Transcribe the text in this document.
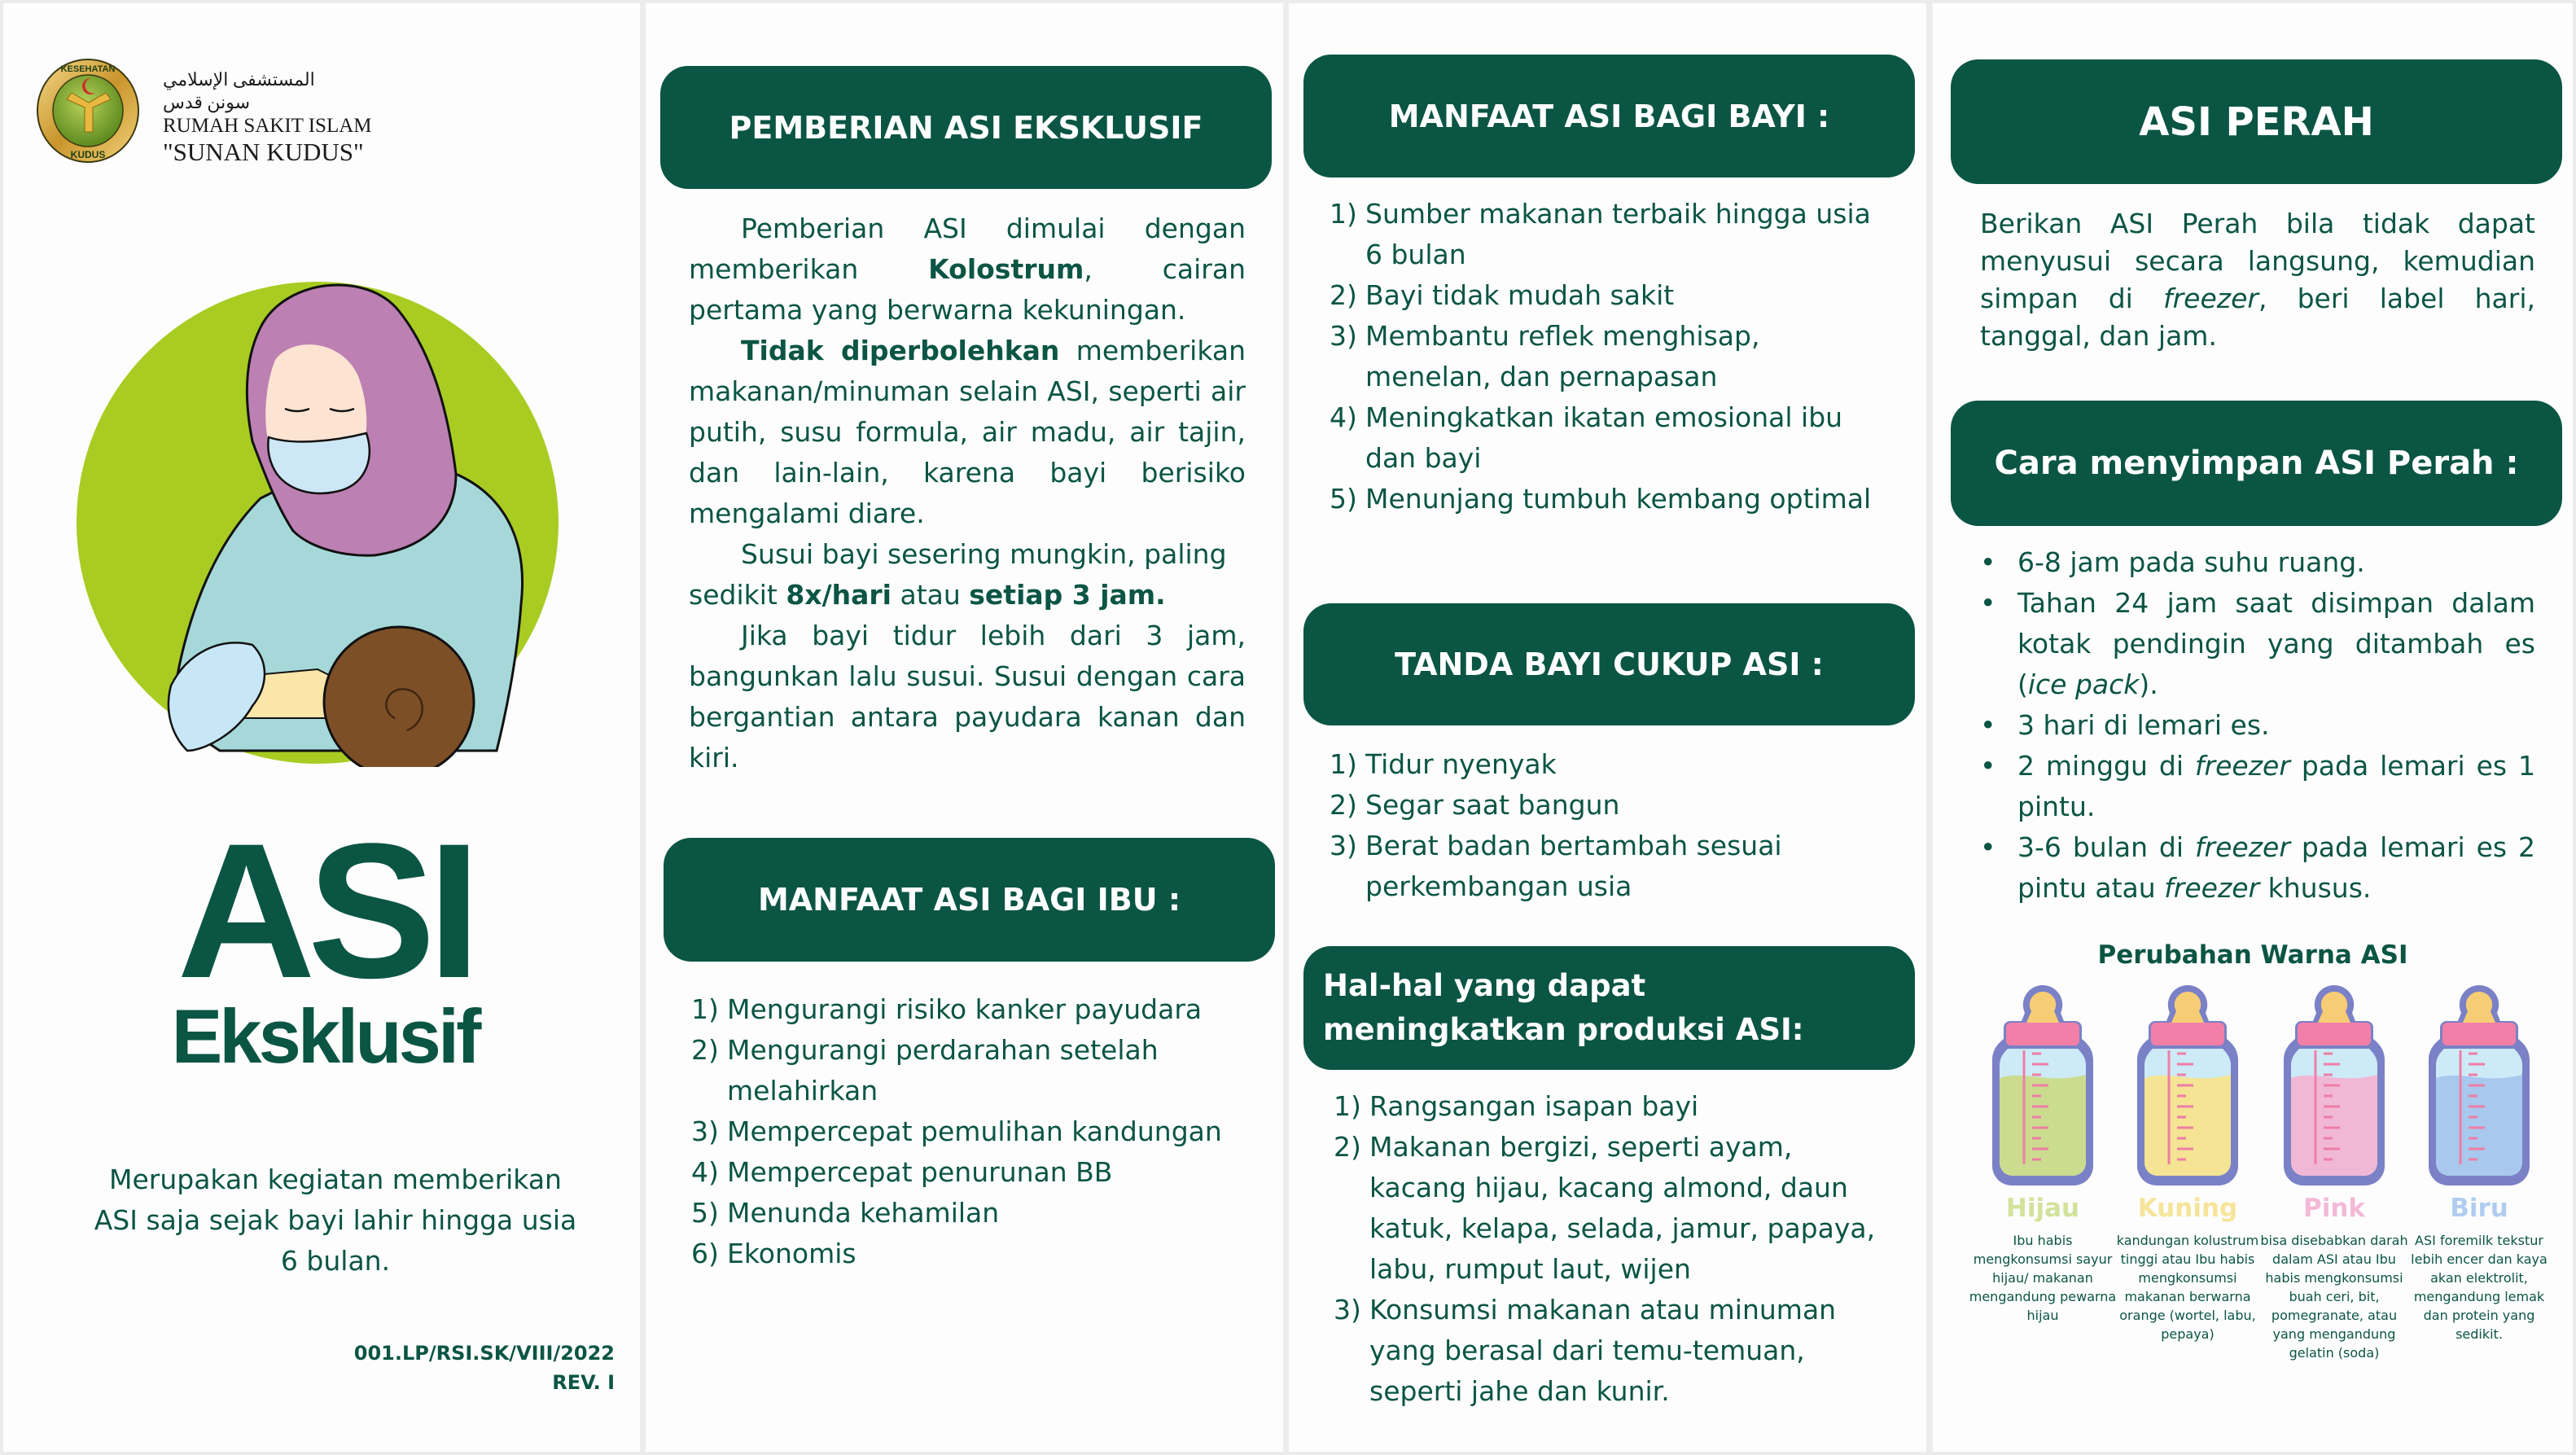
KESEHATAN
KUDUS
المستشفى الإسلامي سونن قدس
RUMAH SAKIT ISLAM
"SUNAN KUDUS"
ASI
Eksklusif
Merupakan kegiatan memberikan ASI saja sejak bayi lahir hingga usia 6 bulan.
001.LP/RSI.SK/VIII/2022
REV. I
PEMBERIAN ASI EKSKLUSIF

Pemberian ASI dimulai dengan memberikan Kolostrum, cairan pertama yang berwarna kekuningan.

Tidak diperbolehkan memberikan makanan/minuman selain ASI, seperti air putih, susu formula, air madu, air tajin, dan lain-lain, karena bayi berisiko mengalami diare.

Susui bayi sesering mungkin, paling sedikit 8x/hari atau setiap 3 jam.

Jika bayi tidur lebih dari 3 jam, bangunkan lalu susui. Susui dengan cara bergantian antara payudara kanan dan kiri.

MANFAAT ASI BAGI IBU :
1) Mengurangi risiko kanker payudara
2) Mengurangi perdarahan setelah melahirkan
3) Mempercepat pemulihan kandungan
4) Mempercepat penurunan BB
5) Menunda kehamilan
6) Ekonomis
MANFAAT ASI BAGI BAYI :
1) Sumber makanan terbaik hingga usia 6 bulan
2) Bayi tidak mudah sakit
3) Membantu reflek menghisap, menelan, dan pernapasan
4) Meningkatkan ikatan emosional ibu dan bayi
5) Menunjang tumbuh kembang optimal
TANDA BAYI CUKUP ASI :
1) Tidur nyenyak
2) Segar saat bangun
3) Berat badan bertambah sesuai perkembangan usia
Hal-hal yang dapat meningkatkan produksi ASI:
1) Rangsangan isapan bayi
2) Makanan bergizi, seperti ayam, kacang hijau, kacang almond, daun katuk, kelapa, selada, jamur, papaya, labu, rumput laut, wijen
3) Konsumsi makanan atau minuman yang berasal dari temu-temuan, seperti jahe dan kunir.
ASI PERAH

Berikan ASI Perah bila tidak dapat menyusui secara langsung, kemudian simpan di freezer, beri label hari, tanggal, dan jam.

Cara menyimpan ASI Perah :
• 6-8 jam pada suhu ruang.
• Tahan 24 jam saat disimpan dalam kotak pendingin yang ditambah es (ice pack).
• 3 hari di lemari es.
• 2 minggu di freezer pada lemari es 1 pintu.
• 3-6 bulan di freezer pada lemari es 2 pintu atau freezer khusus.
Perubahan Warna ASI
Hijau
Ibu habis mengkonsumsi sayur hijau/ makanan mengandung pewarna hijau
Kuning
kandungan kolustrum tinggi atau Ibu habis mengkonsumsi makanan berwarna orange (wortel, labu, pepaya)
Pink
bisa disebabkan darah dalam ASI atau Ibu habis mengkonsumsi buah ceri, bit, pomegranate, atau yang mengandung gelatin (soda)
Biru
ASI foremilk tekstur lebih encer dan kaya akan elektrolit, mengandung lemak dan protein yang sedikit.
